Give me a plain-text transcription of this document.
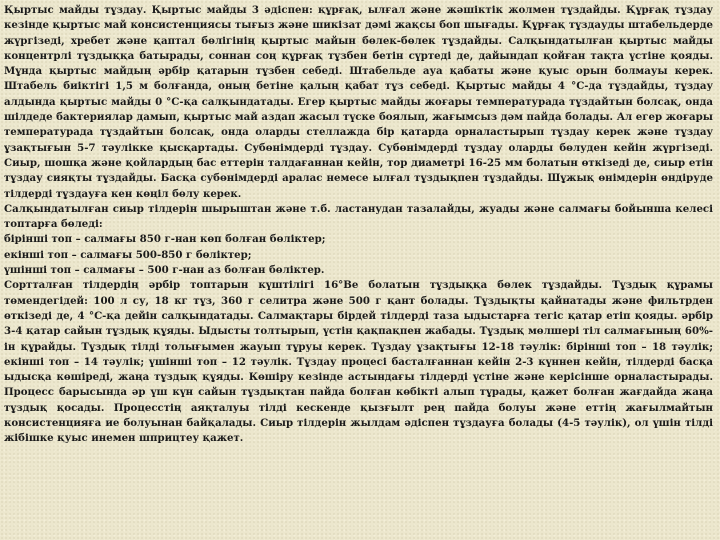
Қыртыс майды тұздау. Қыртыс майды 3 әдіспен: құрғақ, ылғал және жәшіктік жолмен тұздайды. Құрғақ тұздау кезінде қыртыс май консистенциясы тығыз және шикізат дәмі жақсы боп шығады. Құрғақ тұздауды штабельдерде жүргізеді, хребет және қаптал бөлігінің қыртыс майын бөлек-бөлек тұздайды. Салқындатылған қыртыс майды концентрлі тұздыққа батырады, соннан соң құрғақ тұзбен бетін сүртеді де, дайындап қойған тақта үстіне қояды. Мұнда қыртыс майдың әрбір қатарын тұзбен себеді. Штабельде ауа қабаты және қуыс орын болмауы керек. Штабель биіктігі 1,5 м болғанда, оның бетіне қалың қабат тұз себеді. Қыртыс майды 4 °С-да тұздайды, тұздау алдында қыртыс майды 0 °С-қа салқындатады. Егер қыртыс майды жоғары температурада тұздайтын болсақ, онда шілдеде бактериялар дамып, қыртыс май аздап жасыл түске боялып, жағымсыз дәм пайда болады. Ал егер жоғары температурада тұздайтын болсақ, онда оларды стеллажда бір қатарда орналастырып тұздау керек және тұздау ұзақтығын 5-7 тәулікке қысқартады. Субөнімдерді тұздау. Субөнімдерді тұздау оларды бөлуден кейін жүргізеді. Сиыр, шошқа және қойлардың бас еттерін талдағаннан кейін, тор диаметрі 16-25 мм болатын өткізеді де, сиыр етін тұздау сияқты тұздайды. Басқа субөнімдерді аралас немесе ылғал тұздықпен тұздайды. Шұжық өнімдерін өндіруде тілдерді тұздауға кен көңіл бөлу керек.

Салқындатылған сиыр тілдерін шырыштан және т.б. ластанудан тазалайды, жуады және салмағы бойынша келесі топтарға бөледі:

бірінші топ – салмағы 850 г-нан көп болған бөліктер;

екінші топ – салмағы 500-850 г бөліктер;

үшінші топ – салмағы – 500 г-нан аз болған бөліктер.

Сортталған тілдердің әрбір топтарын күштілігі 16°Ве болатын тұздыққа бөлек тұздайды. Тұздық құрамы төмендегідей: 100 л су, 18 кг тұз, 360 г селитра және 500 г қант болады. Тұздықты қайнатады және фильтрден өткізеді де, 4 °С-қа дейін салқындатады. Салмақтары бірдей тілдерді таза ыдыстарға тегіс қатар етіп қояды. әрбір 3-4 қатар сайын тұздық құяды. Ыдысты толтырып, үстін қақпақпен жабады. Тұздық мөлшері тіл салмағының 60%-ін құрайды. Тұздық тілді толығымен жауып тұруы керек. Тұздау ұзақтығы 12-18 тәулік: бірінші топ – 18 тәулік; екінші топ – 14 тәулік; үшінші топ – 12 тәулік. Тұздау процесі басталғаннан кейін 2-3 күннен кейін, тілдерді басқа ыдысқа көшіреді, жаңа тұздық құяды. Көшіру кезінде астындағы тілдерді үстіне және керісінше орналастырады. Процесс барысында әр үш күн сайын тұздықтан пайда болған көбікті алып тұрады, қажет болған жағдайда жаңа тұздық қосады. Процесстің аяқталуы тілді кескенде қызғылт рең пайда болуы және еттің жағылмайтын консистенцияға ие болуынан байқалады. Сиыр тілдерін жылдам әдіспен тұздауға болады (4-5 тәулік), ол үшін тілді жібішке қуыс инемен шприцтеу қажет.
